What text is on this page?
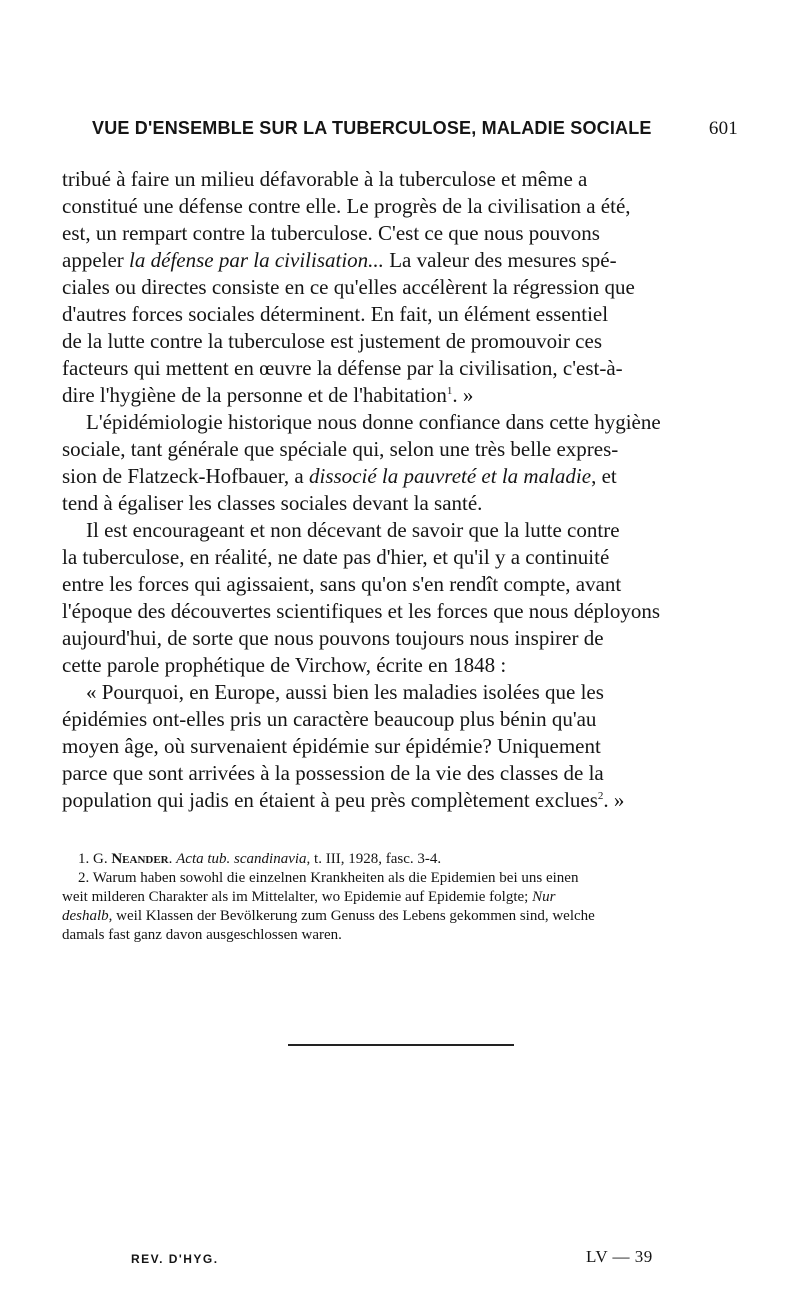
VUE D'ENSEMBLE SUR LA TUBERCULOSE, MALADIE SOCIALE	601
tribué à faire un milieu défavorable à la tuberculose et même a
constitué une défense contre elle. Le progrès de la civilisation a été,
est, un rempart contre la tuberculose. C'est ce que nous pouvons
appeler la défense par la civilisation... La valeur des mesures spé-
ciales ou directes consiste en ce qu'elles accélèrent la régression que
d'autres forces sociales déterminent. En fait, un élément essentiel
de la lutte contre la tuberculose est justement de promouvoir ces
facteurs qui mettent en œuvre la défense par la civilisation, c'est-à-
dire l'hygiène de la personne et de l'habitation$^1$. »
L'épidémiologie historique nous donne confiance dans cette hygiène
sociale, tant générale que spéciale qui, selon une très belle expres-
sion de Flatzeck-Hofbauer, a dissocié la pauvreté et la maladie, et
tend à égaliser les classes sociales devant la santé.
Il est encourageant et non décevant de savoir que la lutte contre
la tuberculose, en réalité, ne date pas d'hier, et qu'il y a continuité
entre les forces qui agissaient, sans qu'on s'en rendît compte, avant
l'époque des découvertes scientifiques et les forces que nous déployons
aujourd'hui, de sorte que nous pouvons toujours nous inspirer de
cette parole prophétique de Virchow, écrite en 1848 :
« Pourquoi, en Europe, aussi bien les maladies isolées que les
épidémies ont-elles pris un caractère beaucoup plus bénin qu'au
moyen âge, où survenaient épidémie sur épidémie? Uniquement
parce que sont arrivées à la possession de la vie des classes de la
population qui jadis en étaient à peu près complètement exclues$^2$. »
1. G. Neander. Acta tub. scandinavia, t. III, 1928, fasc. 3-4.
2. Warum haben sowohl die einzelnen Krankheiten als die Epidemien bei uns einen
weit milderen Charakter als im Mittelalter, wo Epidemie auf Epidemie folgte; Nur
deshalb, weil Klassen der Bevölkerung zum Genuss des Lebens gekommen sind, welche
damals fast ganz davon ausgeschlossen waren.
REV. D'HYG.	LV — 39
